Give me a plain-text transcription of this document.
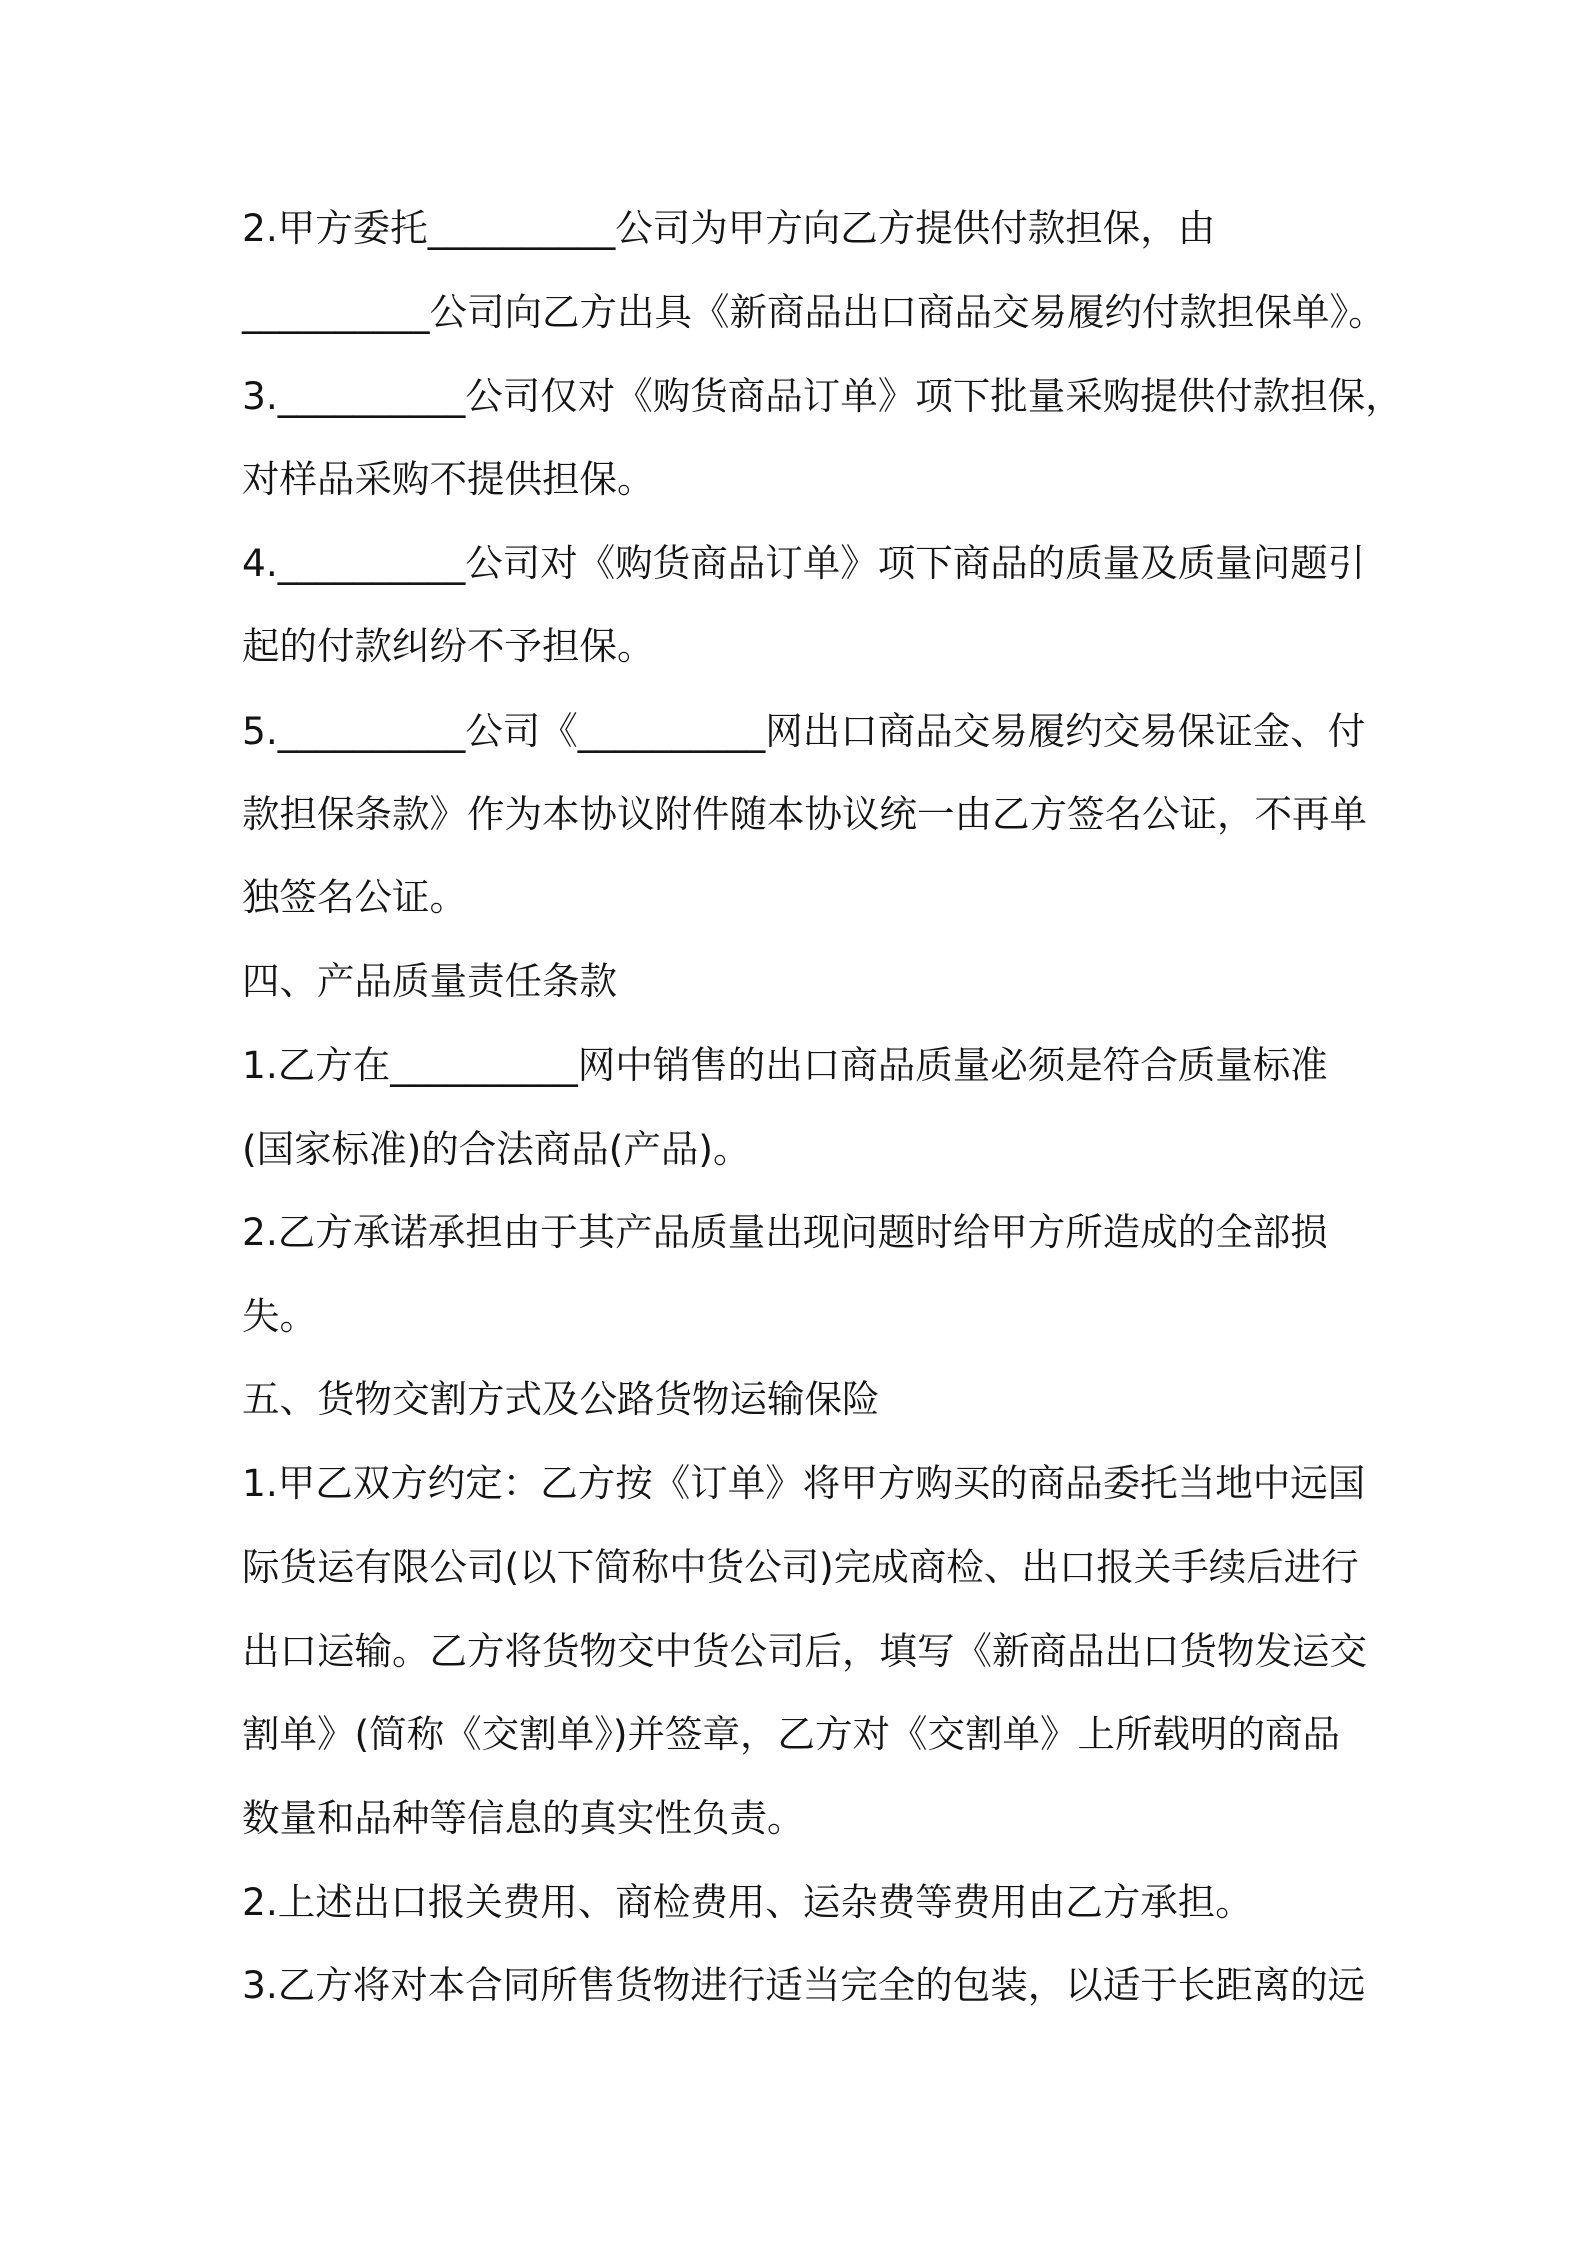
2.甲方委托__________公司为甲方向乙方提供付款担保，由
__________公司向乙方出具《新商品出口商品交易履约付款担保单》。
3.__________公司仅对《购货商品订单》项下批量采购提供付款担保，
对样品采购不提供担保。
4.__________公司对《购货商品订单》项下商品的质量及质量问题引
起的付款纠纷不予担保。
5.__________公司《__________网出口商品交易履约交易保证金、付
款担保条款》作为本协议附件随本协议统一由乙方签名公证，不再单
独签名公证。
四、产品质量责任条款
1.乙方在__________网中销售的出口商品质量必须是符合质量标准
(国家标准)的合法商品(产品)。
2.乙方承诺承担由于其产品质量出现问题时给甲方所造成的全部损
失。
五、货物交割方式及公路货物运输保险
1.甲乙双方约定：乙方按《订单》将甲方购买的商品委托当地中远国
际货运有限公司(以下简称中货公司)完成商检、出口报关手续后进行
出口运输。乙方将货物交中货公司后，填写《新商品出口货物发运交
割单》(简称《交割单》)并签章，乙方对《交割单》上所载明的商品
数量和品种等信息的真实性负责。
2.上述出口报关费用、商检费用、运杂费等费用由乙方承担。
3.乙方将对本合同所售货物进行适当完全的包装，以适于长距离的远
